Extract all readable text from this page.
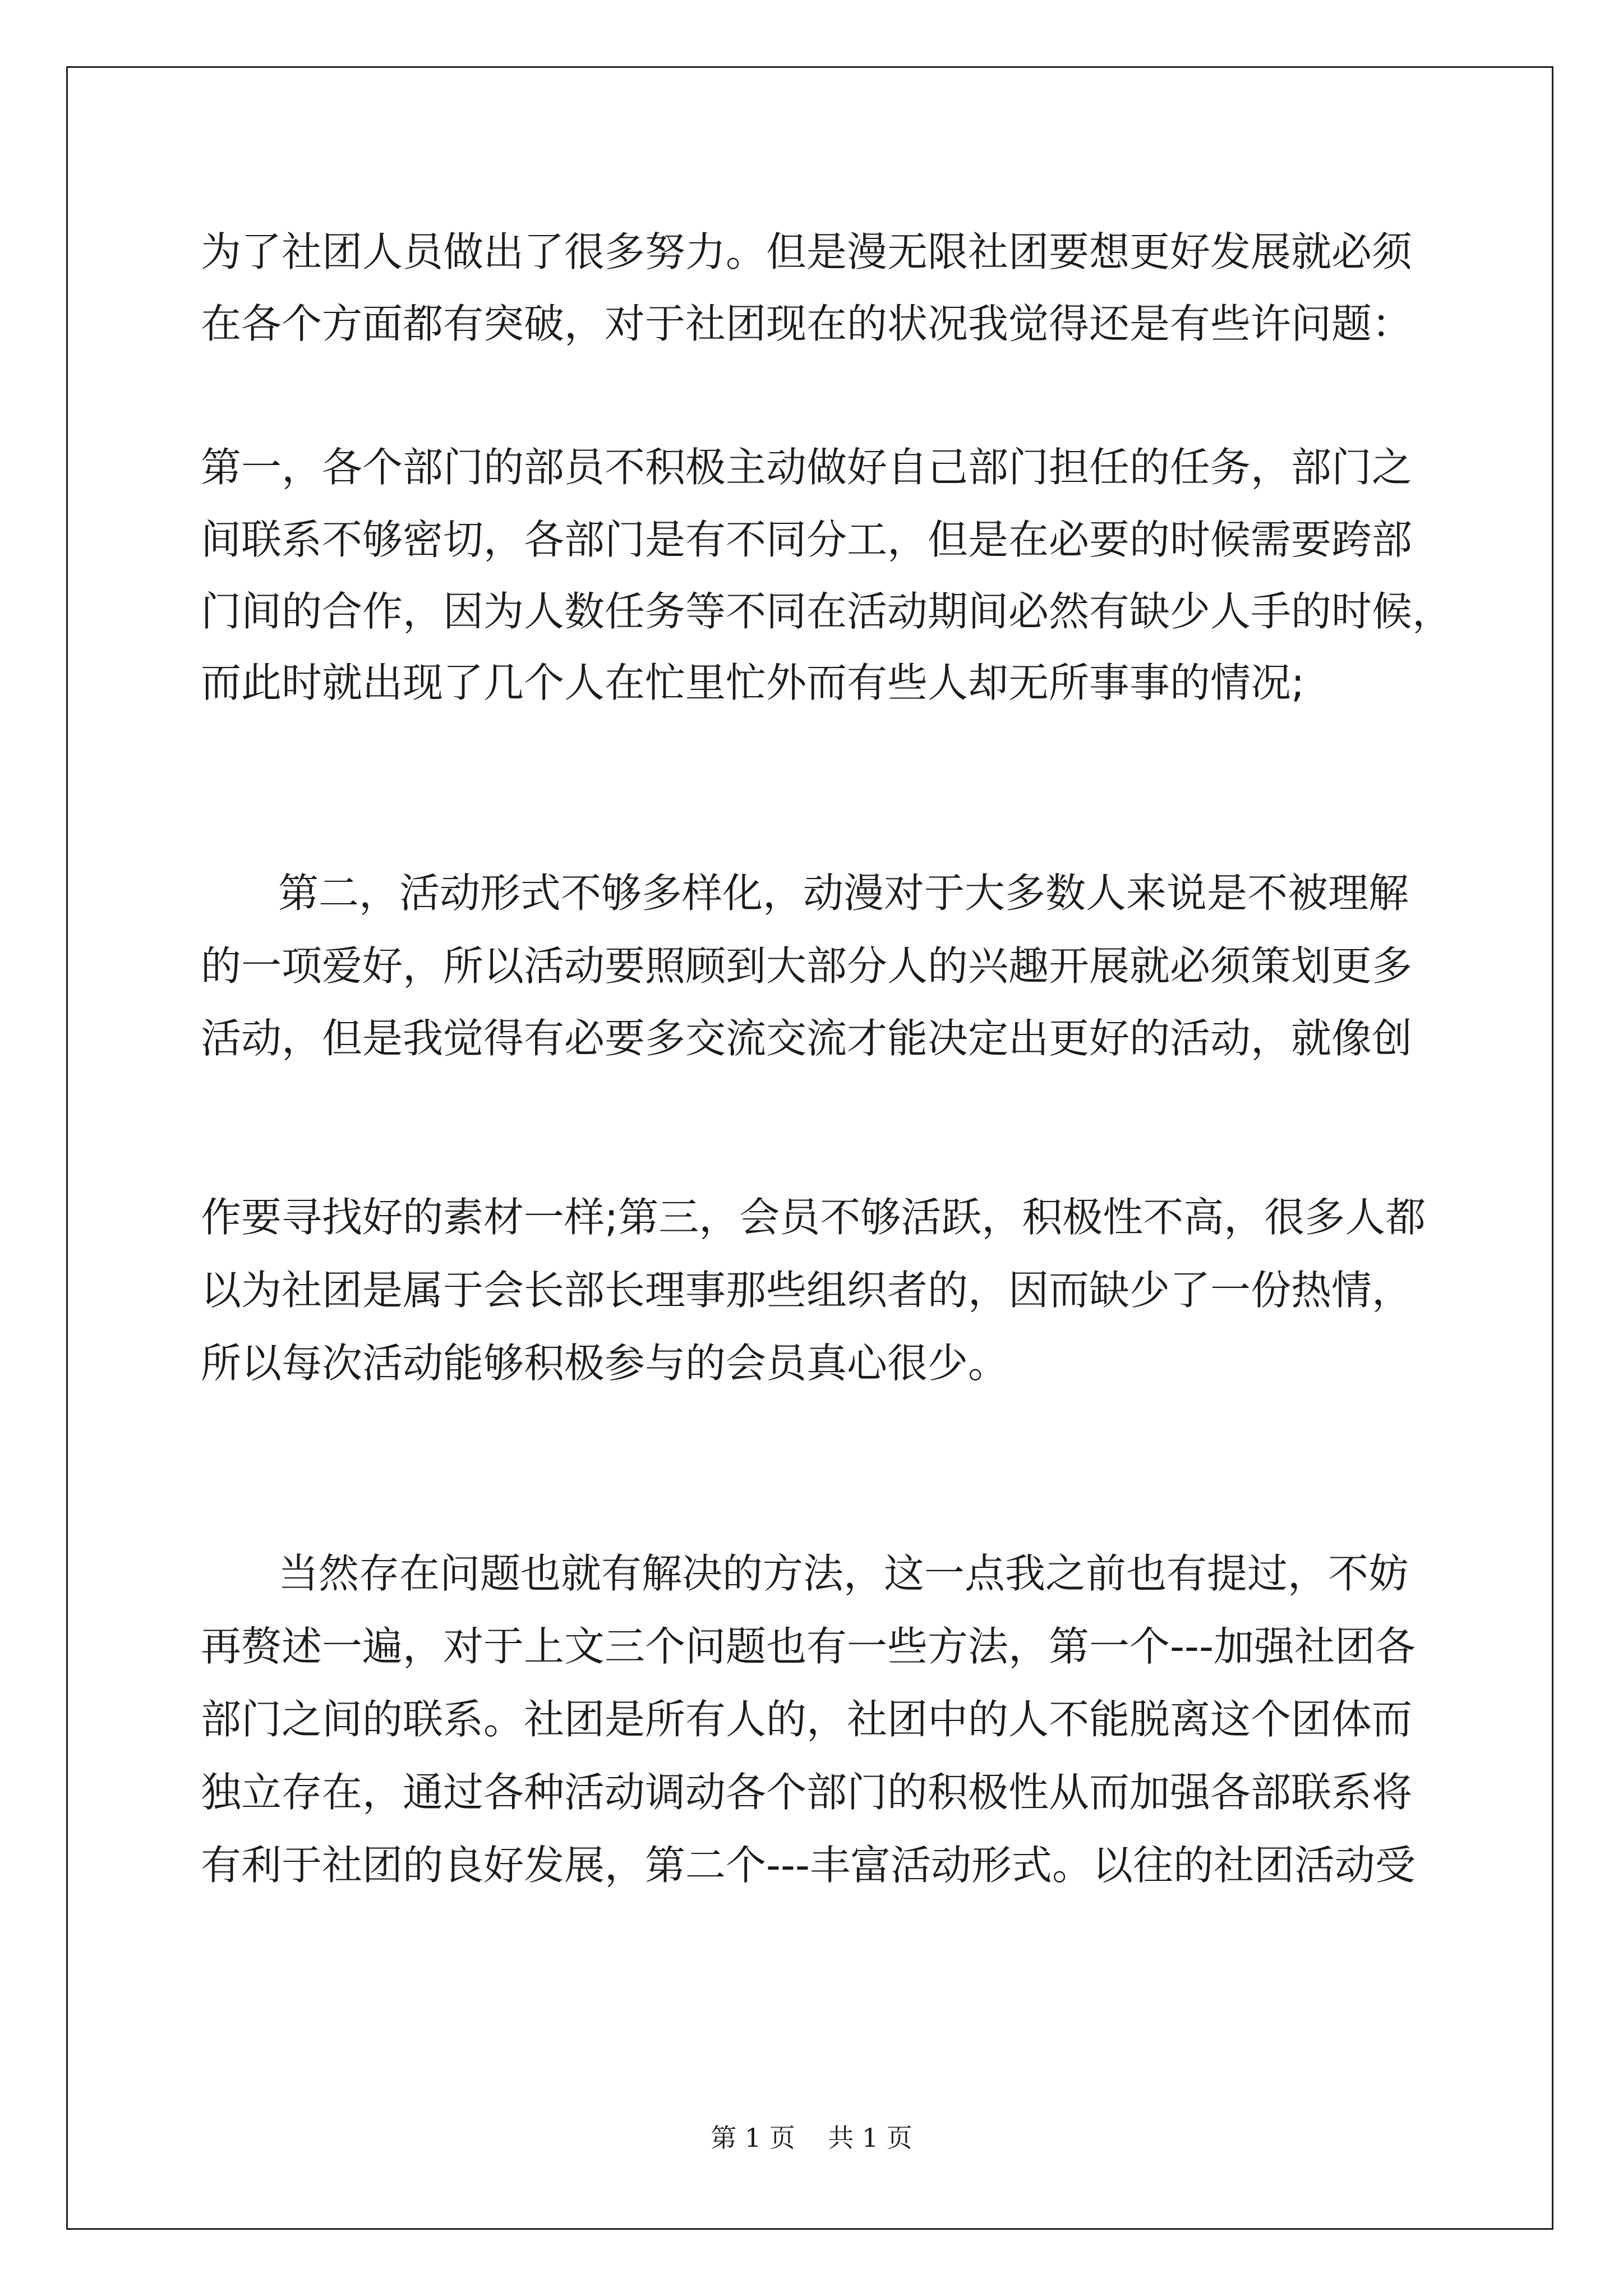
为了社团人员做出了很多努力。但是漫无限社团要想更好发展就必须
在各个方面都有突破，对于社团现在的状况我觉得还是有些许问题：
第一，各个部门的部员不积极主动做好自己部门担任的任务，部门之
间联系不够密切，各部门是有不同分工，但是在必要的时候需要跨部
门间的合作，因为人数任务等不同在活动期间必然有缺少人手的时候，
而此时就出现了几个人在忙里忙外而有些人却无所事事的情况;
第二，活动形式不够多样化，动漫对于大多数人来说是不被理解
的一项爱好，所以活动要照顾到大部分人的兴趣开展就必须策划更多
活动，但是我觉得有必要多交流交流才能决定出更好的活动，就像创
作要寻找好的素材一样;第三，会员不够活跃，积极性不高，很多人都
以为社团是属于会长部长理事那些组织者的，因而缺少了一份热情，
所以每次活动能够积极参与的会员真心很少。
当然存在问题也就有解决的方法，这一点我之前也有提过，不妨
再赘述一遍，对于上文三个问题也有一些方法，第一个---加强社团各
部门之间的联系。社团是所有人的，社团中的人不能脱离这个团体而
独立存在，通过各种活动调动各个部门的积极性从而加强各部联系将
有利于社团的良好发展，第二个---丰富活动形式。以往的社团活动受
第 1 页    共 1 页
